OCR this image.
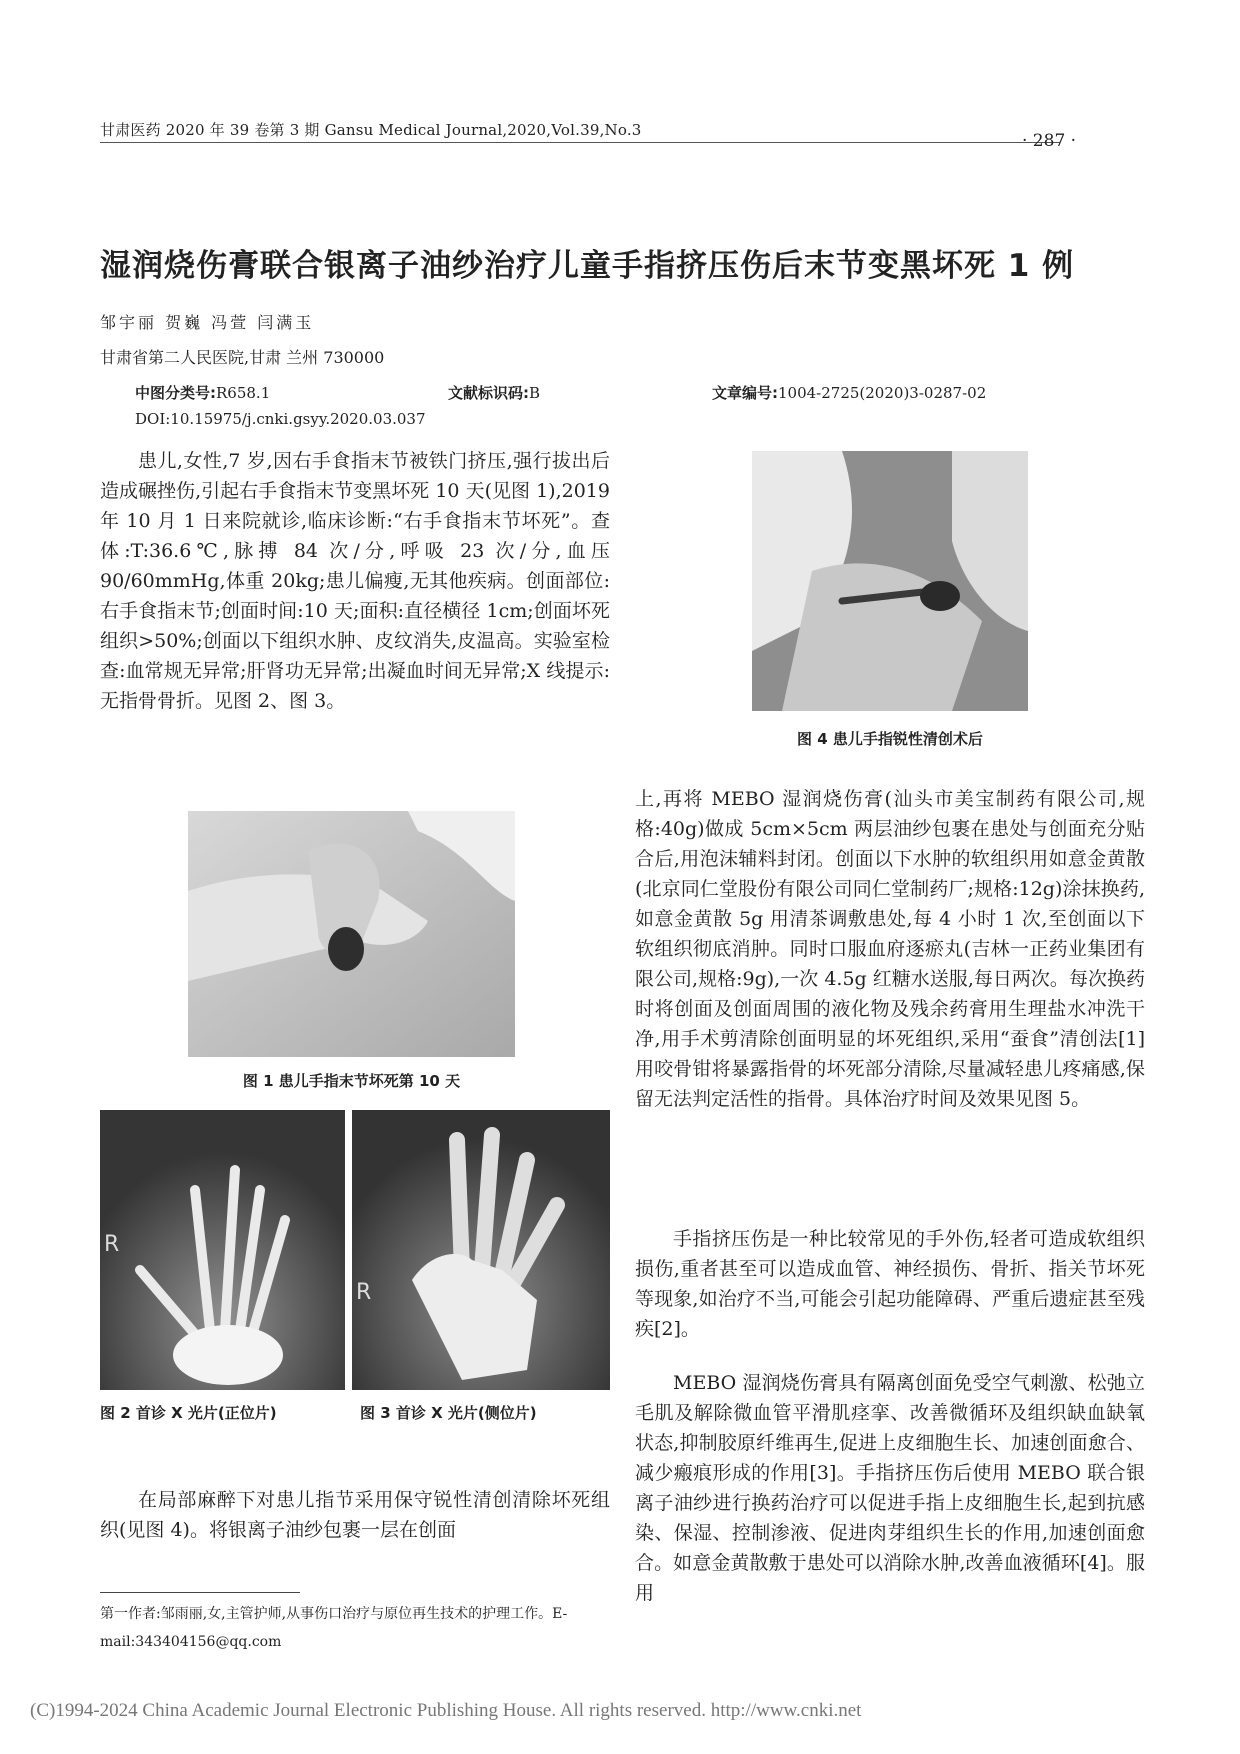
甘肃医药 2020 年 39 卷第 3 期 Gansu Medical Journal,2020,Vol.39,No.3
· 287 ·
湿润烧伤膏联合银离子油纱治疗儿童手指挤压伤后末节变黑坏死 1 例
邹宇丽 贺巍 冯萱 闫满玉
甘肃省第二人民医院,甘肃 兰州 730000
中图分类号:R658.1	文献标识码:B	文章编号:1004-2725(2020)3-0287-02
DOI:10.15975/j.cnki.gsyy.2020.03.037

患儿,女性,7 岁,因右手食指末节被铁门挤压,强行拔出后造成碾挫伤,引起右手食指末节变黑坏死 10 天(见图 1),2019 年 10 月 1 日来院就诊,临床诊断:“右手食指末节坏死”。查体:T:36.6℃,脉搏 84 次/分,呼吸 23 次/分,血压 90/60mmHg,体重 20kg;患儿偏瘦,无其他疾病。创面部位:右手食指末节;创面时间:10 天;面积:直径横径 1cm;创面坏死组织>50%;创面以下组织水肿、皮纹消失,皮温高。实验室检查:血常规无异常;肝肾功无异常;出凝血时间无异常;X 线提示:无指骨骨折。见图 2、图 3。

图 1 患儿手指末节坏死第 10 天
R
图 2 首诊 X 光片(正位片)
R
图 3 首诊 X 光片(侧位片)

在局部麻醉下对患儿指节采用保守锐性清创清除坏死组织(见图 4)。将银离子油纱包裹一层在创面

第一作者:邹雨丽,女,主管护师,从事伤口治疗与原位再生技术的护理工作。E-mail:343404156@qq.com
图 4 患儿手指锐性清创术后

上,再将 MEBO 湿润烧伤膏(汕头市美宝制药有限公司,规格:40g)做成 5cm×5cm 两层油纱包裹在患处与创面充分贴合后,用泡沫辅料封闭。创面以下水肿的软组织用如意金黄散(北京同仁堂股份有限公司同仁堂制药厂;规格:12g)涂抹换药,如意金黄散 5g 用清茶调敷患处,每 4 小时 1 次,至创面以下软组织彻底消肿。同时口服血府逐瘀丸(吉林一正药业集团有限公司,规格:9g),一次 4.5g 红糖水送服,每日两次。每次换药时将创面及创面周围的液化物及残余药膏用生理盐水冲洗干净,用手术剪清除创面明显的坏死组织,采用“蚕食”清创法[1]用咬骨钳将暴露指骨的坏死部分清除,尽量减轻患儿疼痛感,保留无法判定活性的指骨。具体治疗时间及效果见图 5。

手指挤压伤是一种比较常见的手外伤,轻者可造成软组织损伤,重者甚至可以造成血管、神经损伤、骨折、指关节坏死等现象,如治疗不当,可能会引起功能障碍、严重后遗症甚至残疾[2]。

MEBO 湿润烧伤膏具有隔离创面免受空气刺激、松弛立毛肌及解除微血管平滑肌痉挛、改善微循环及组织缺血缺氧状态,抑制胶原纤维再生,促进上皮细胞生长、加速创面愈合、减少瘢痕形成的作用[3]。手指挤压伤后使用 MEBO 联合银离子油纱进行换药治疗可以促进手指上皮细胞生长,起到抗感染、保湿、控制渗液、促进肉芽组织生长的作用,加速创面愈合。如意金黄散敷于患处可以消除水肿,改善血液循环[4]。服用

(C)1994-2024 China Academic Journal Electronic Publishing House. All rights reserved. http://www.cnki.net
